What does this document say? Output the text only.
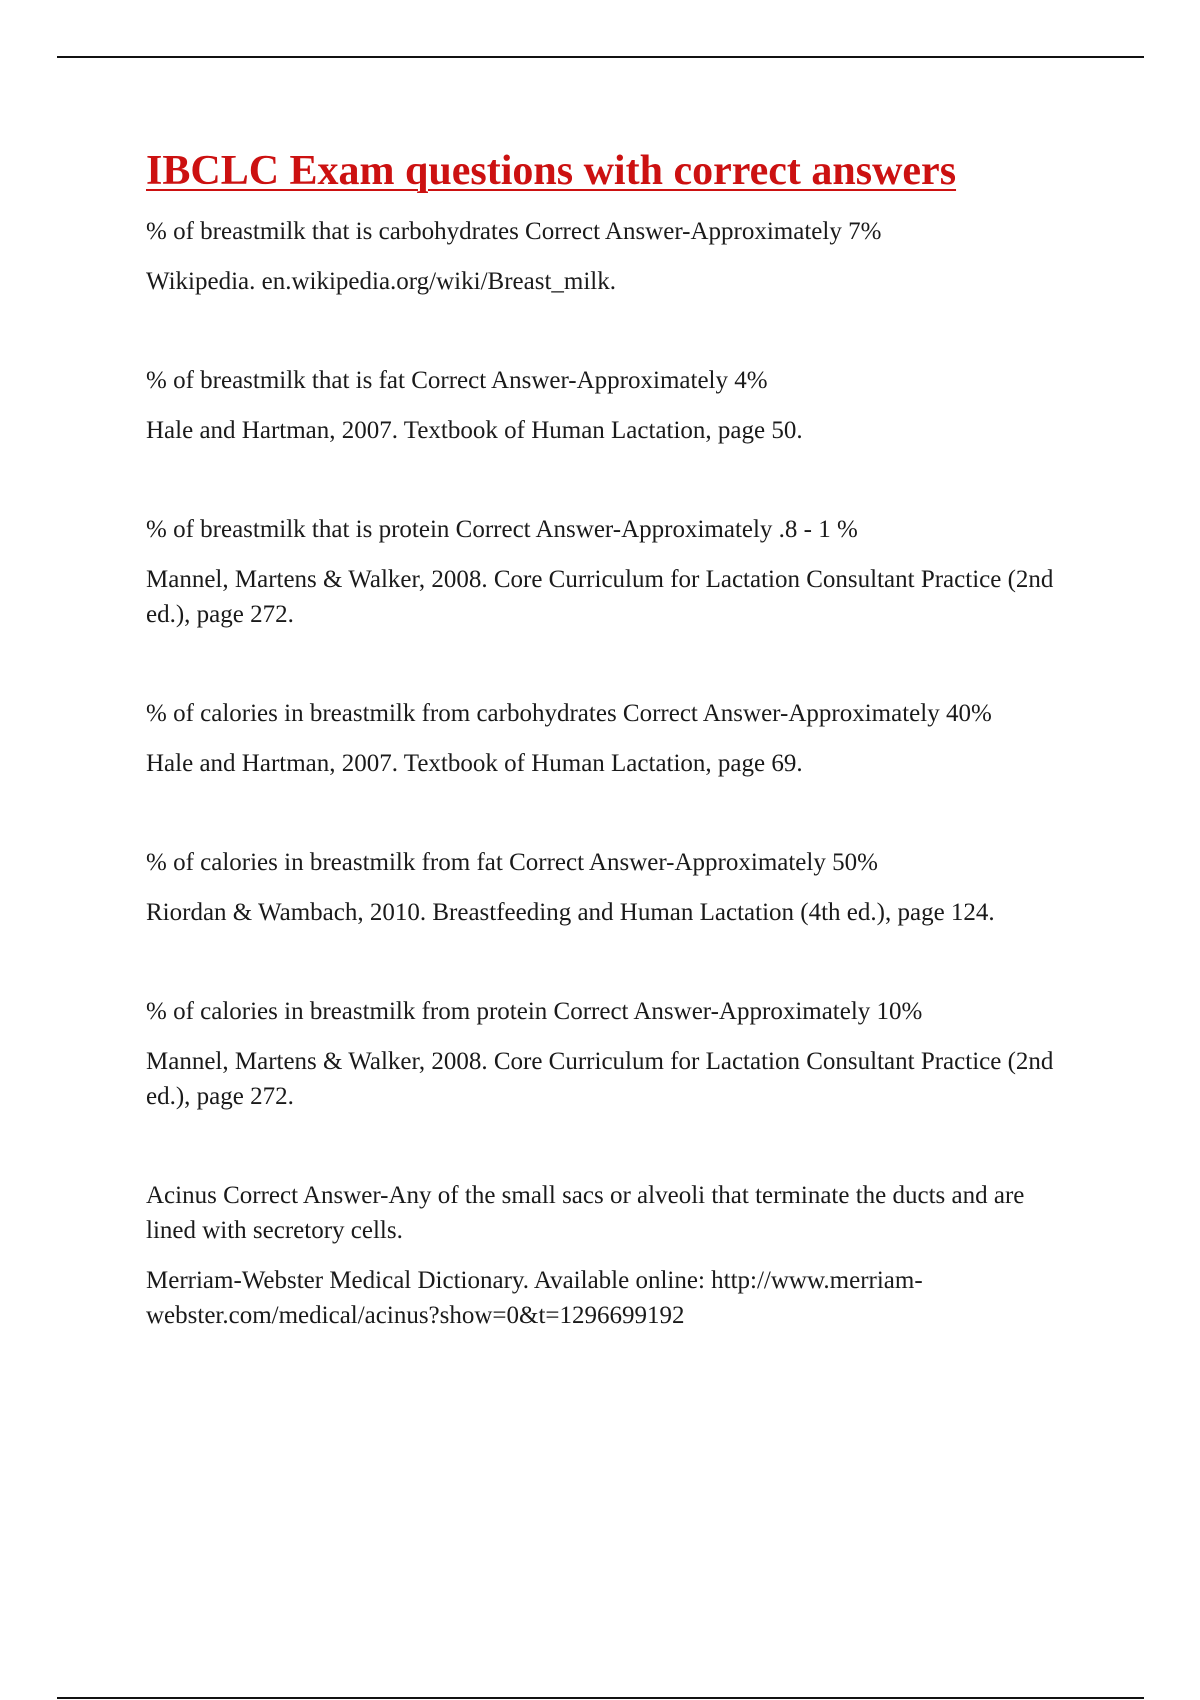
IBCLC Exam questions with correct answers

% of breastmilk that is carbohydrates Correct Answer-Approximately 7%

Wikipedia. en.wikipedia.org/wiki/Breast_milk.

% of breastmilk that is fat Correct Answer-Approximately 4%

Hale and Hartman, 2007. Textbook of Human Lactation, page 50.

% of breastmilk that is protein Correct Answer-Approximately .8 - 1 %

Mannel, Martens & Walker, 2008. Core Curriculum for Lactation Consultant Practice (2nd ed.), page 272.

% of calories in breastmilk from carbohydrates Correct Answer-Approximately 40%

Hale and Hartman, 2007. Textbook of Human Lactation, page 69.

% of calories in breastmilk from fat Correct Answer-Approximately 50%

Riordan & Wambach, 2010. Breastfeeding and Human Lactation (4th ed.), page 124.

% of calories in breastmilk from protein Correct Answer-Approximately 10%

Mannel, Martens & Walker, 2008. Core Curriculum for Lactation Consultant Practice (2nd ed.), page 272.

Acinus Correct Answer-Any of the small sacs or alveoli that terminate the ducts and are lined with secretory cells.

Merriam-Webster Medical Dictionary. Available online: http://www.merriam-webster.com/medical/acinus?show=0&t=1296699192
